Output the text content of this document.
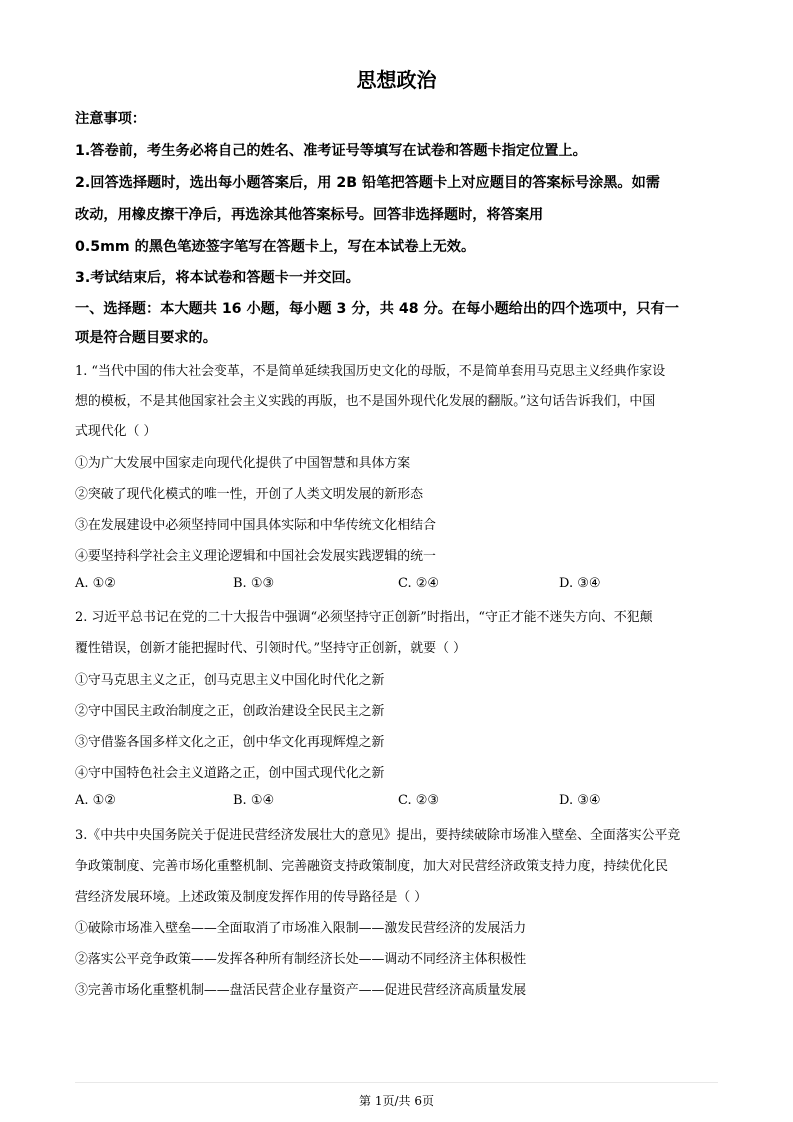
思想政治
注意事项：
1.答卷前，考生务必将自己的姓名、准考证号等填写在试卷和答题卡指定位置上。
2.回答选择题时，选出每小题答案后，用 2B 铅笔把答题卡上对应题目的答案标号涂黑。如需
改动，用橡皮擦干净后，再选涂其他答案标号。回答非选择题时，将答案用
0.5mm 的黑色笔迹签字笔写在答题卡上，写在本试卷上无效。
3.考试结束后，将本试卷和答题卡一并交回。
一、选择题：本大题共 16 小题，每小题 3 分，共 48 分。在每小题给出的四个选项中，只有一
项是符合题目要求的。
1. “当代中国的伟大社会变革，不是简单延续我国历史文化的母版，不是简单套用马克思主义经典作家设
想的模板，不是其他国家社会主义实践的再版，也不是国外现代化发展的翻版。”这句话告诉我们，中国
式现代化（ ）
①为广大发展中国家走向现代化提供了中国智慧和具体方案
②突破了现代化模式的唯一性，开创了人类文明发展的新形态
③在发展建设中必须坚持同中国具体实际和中华传统文化相结合
④要坚持科学社会主义理论逻辑和中国社会发展实践逻辑的统一
A. ①②	B. ①③	C. ②④	D. ③④
2. 习近平总书记在党的二十大报告中强调“必须坚持守正创新”时指出，“守正才能不迷失方向、不犯颠
覆性错误，创新才能把握时代、引领时代。”坚持守正创新，就要（ ）
①守马克思主义之正，创马克思主义中国化时代化之新
②守中国民主政治制度之正，创政治建设全民民主之新
③守借鉴各国多样文化之正，创中华文化再现辉煌之新
④守中国特色社会主义道路之正，创中国式现代化之新
A. ①②	B. ①④	C. ②③	D. ③④
3.《中共中央国务院关于促进民营经济发展壮大的意见》提出，要持续破除市场准入壁垒、全面落实公平竞
争政策制度、完善市场化重整机制、完善融资支持政策制度，加大对民营经济政策支持力度，持续优化民
营经济发展环境。上述政策及制度发挥作用的传导路径是（ ）
①破除市场准入壁垒——全面取消了市场准入限制——激发民营经济的发展活力
②落实公平竞争政策——发挥各种所有制经济长处——调动不同经济主体积极性
③完善市场化重整机制——盘活民营企业存量资产——促进民营经济高质量发展
第 1页/共 6页
